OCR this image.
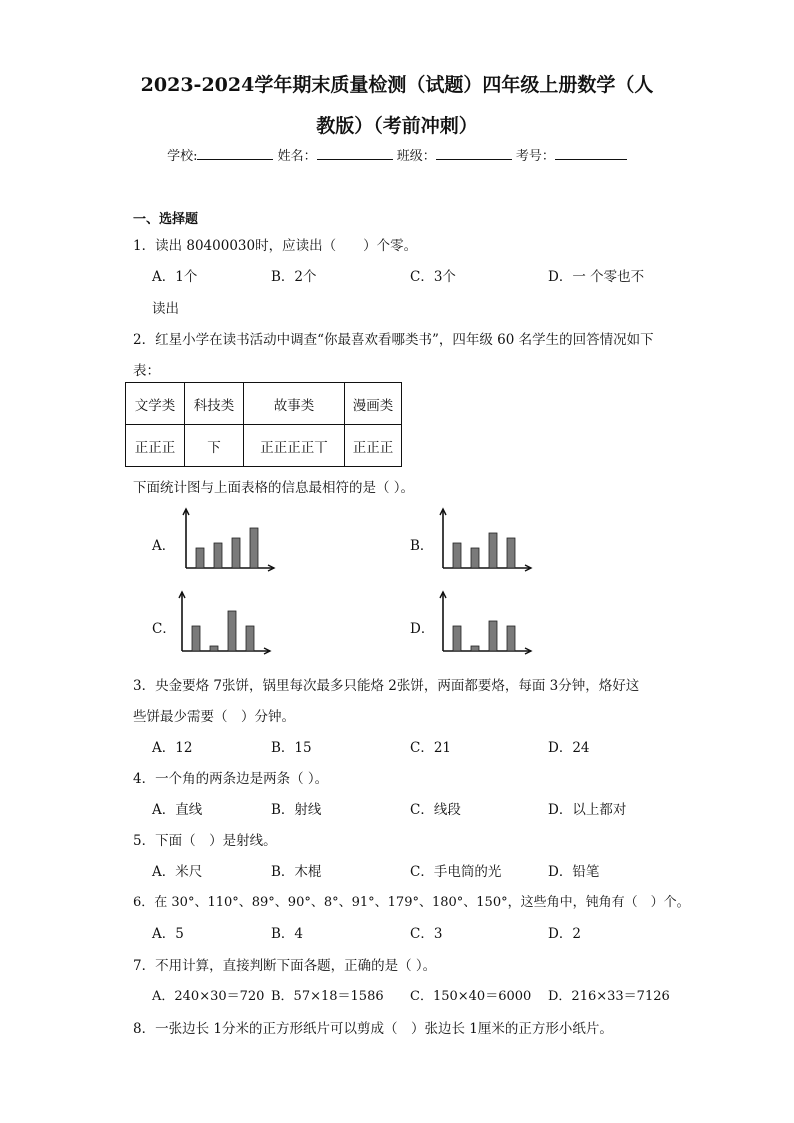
2023-2024学年期末质量检测（试题）四年级上册数学（人
教版）（考前冲刺）
学校:	姓名：	班级：	考号：
一、选择题
1．读出 80400030时，应读出（　　）个零。
A．1个	B．2个	C．3个	D．一 个零也不
读出
2．红星小学在读书活动中调查“你最喜欢看哪类书”，四年级 60 名学生的回答情况如下
表：
文学类	科技类	故事类	漫画类
正正正	下	正正正正丅	正正正
下面统计图与上面表格的信息最相符的是（ ）。
A．	B．
C．	D．
3．央金要烙 7张饼，锅里每次最多只能烙 2张饼，两面都要烙，每面 3分钟，烙好这
些饼最少需要（　）分钟。
A．12	B．15	C．21	D．24
4．一个角的两条边是两条（ ）。
A．直线	B．射线	C．线段	D．以上都对
5．下面（　）是射线。
A．米尺	B．木棍	C．手电筒的光	D．铅笔
6．在 30°、110°、89°、90°、8°、91°、179°、180°、150°，这些角中，钝角有（　）个。
A．5	B．4	C．3	D．2
7．不用计算，直接判断下面各题，正确的是（ ）。
A．240×30＝720 B．57×18＝1586 C．150×40＝6000 D．216×33＝7126
8．一张边长 1分米的正方形纸片可以剪成（　）张边长 1厘米的正方形小纸片。
